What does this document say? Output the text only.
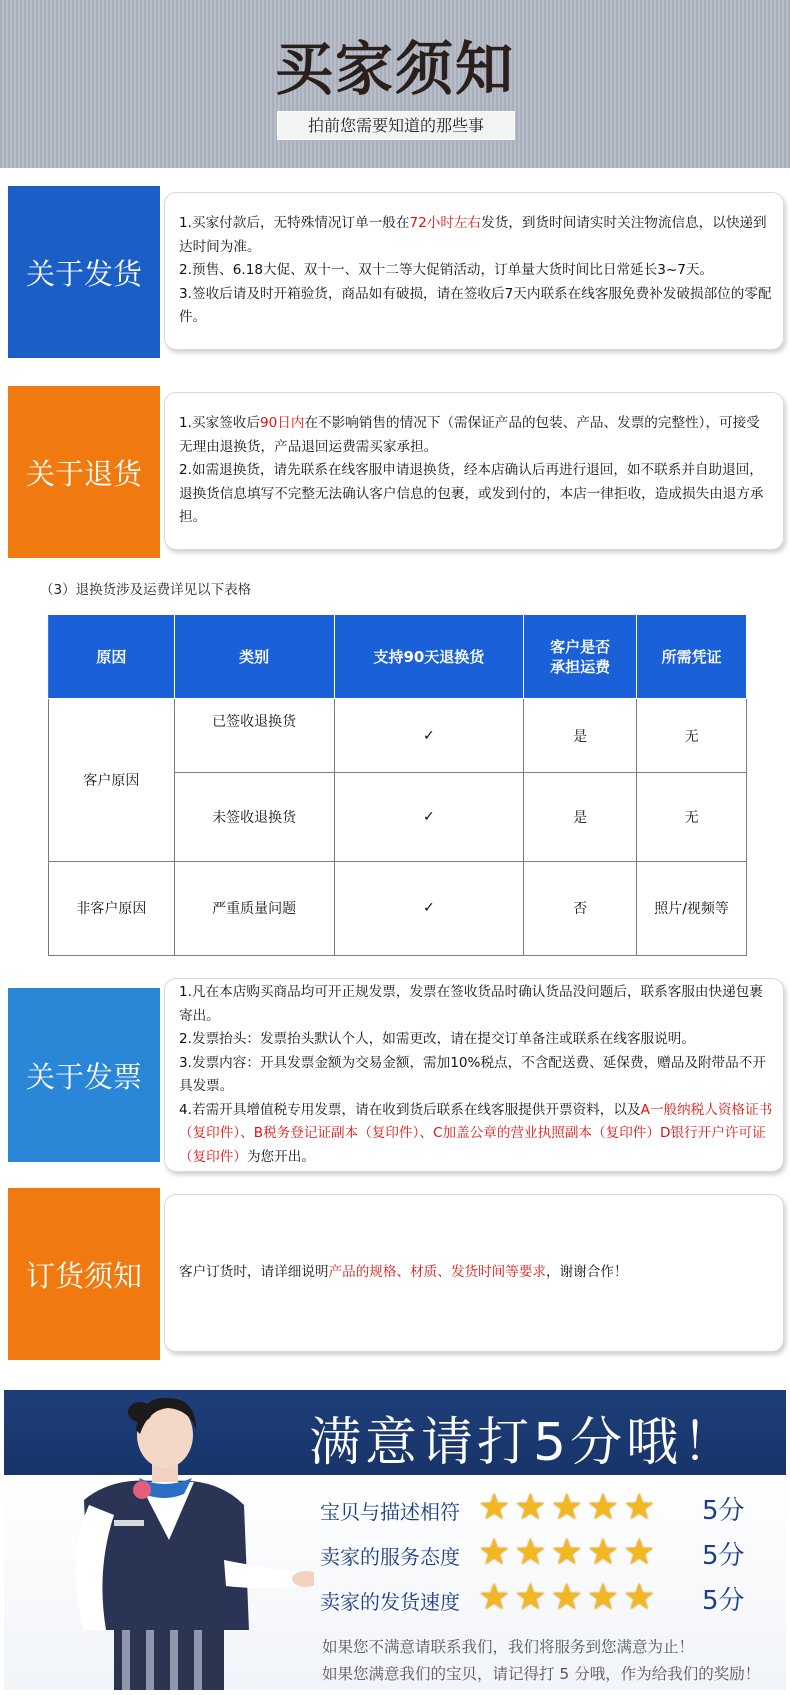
买家须知
拍前您需要知道的那些事
关于发货

1.买家付款后，无特殊情况订单一般在72小时左右发货，到货时间请实时关注物流信息，以快递到达时间为准。

2.预售、6.18大促、双十一、双十二等大促销活动，订单量大货时间比日常延长3~7天。

3.签收后请及时开箱验货，商品如有破损，请在签收后7天内联系在线客服免费补发破损部位的零配件。

关于退货

1.买家签收后90日内在不影响销售的情况下（需保证产品的包装、产品、发票的完整性），可接受无理由退换货，产品退回运费需买家承担。

2.如需退换货，请先联系在线客服申请退换货，经本店确认后再进行退回，如不联系并自助退回，退换货信息填写不完整无法确认客户信息的包裹，或发到付的，本店一律拒收，造成损失由退方承担。

（3）退换货涉及运费详见以下表格
原因	类别	支持90天退换货	客户是否承担运费	所需凭证
客户原因	已签收退换货	✓	是	无
	未签收退换货	✓	是	无
非客户原因	严重质量问题	✓	否	照片/视频等
关于发票

1.凡在本店购买商品均可开正规发票，发票在签收货品时确认货品没问题后，联系客服由快递包裹寄出。

2.发票抬头：发票抬头默认个人，如需更改，请在提交订单备注或联系在线客服说明。

3.发票内容：开具发票金额为交易金额，需加10%税点，不含配送费、延保费，赠品及附带品不开具发票。

4.若需开具增值税专用发票，请在收到货后联系在线客服提供开票资料，以及A一般纳税人资格证书（复印件）、B税务登记证副本（复印件）、C加盖公章的营业执照副本（复印件）D银行开户许可证（复印件）为您开出。

订货须知	客户订货时，请详细说明产品的规格、材质、发货时间等要求，谢谢合作！

满意请打5分哦！
宝贝与描述相符 ★ ★ ★ ★ ★ 5分
卖家的服务态度 ★ ★ ★ ★ ★ 5分
卖家的发货速度 ★ ★ ★ ★ ★ 5分
如果您不满意请联系我们，我们将服务到您满意为止！
如果您满意我们的宝贝，请记得打 5 分哦，作为给我们的奖励！
